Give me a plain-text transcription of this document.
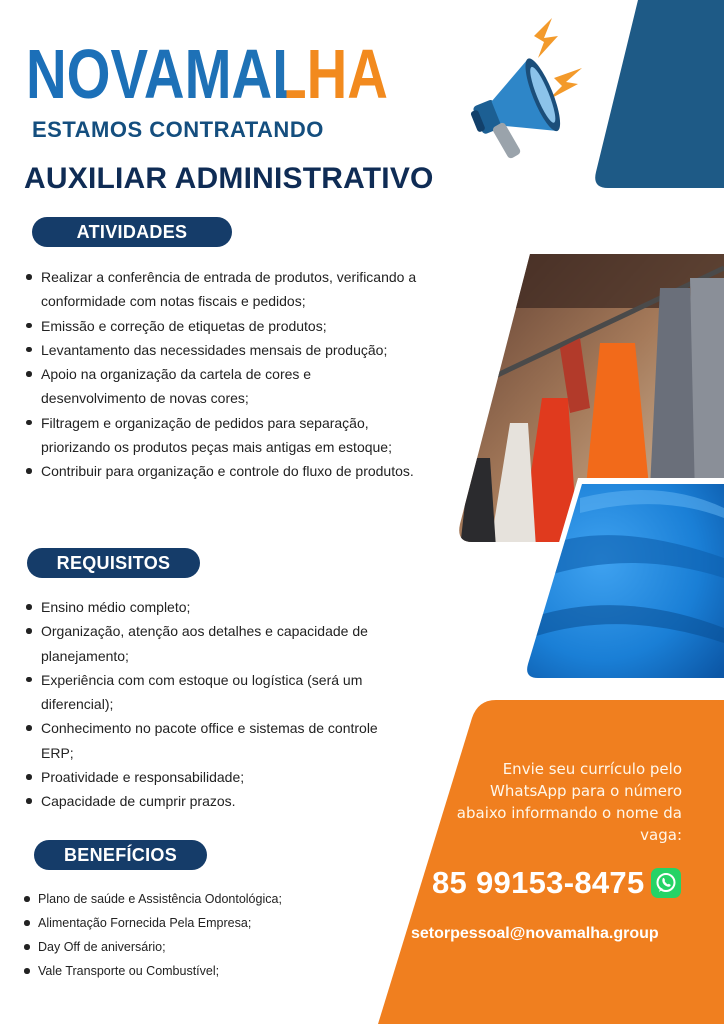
NOVAMALHA
ESTAMOS CONTRATANDO
AUXILIAR ADMINISTRATIVO
ATIVIDADES
Realizar a conferência de entrada de produtos, verificando a conformidade com notas fiscais e pedidos;
Emissão e correção de etiquetas de produtos;
Levantamento das necessidades mensais de produção;
Apoio na organização da cartela de cores e desenvolvimento de novas cores;
Filtragem e organização de pedidos para separação, priorizando os produtos peças mais antigas em estoque;
Contribuir para organização e controle do fluxo de produtos.
REQUISITOS
Ensino médio completo;
Organização, atenção aos detalhes e capacidade de planejamento;
Experiência com com estoque ou logística (será um diferencial);
Conhecimento no pacote office e sistemas de controle ERP;
Proatividade e responsabilidade;
Capacidade de cumprir prazos.
BENEFÍCIOS
Plano de saúde e Assistência Odontológica;
Alimentação Fornecida Pela Empresa;
Day Off de aniversário;
Vale Transporte ou Combustível;
Envie seu currículo pelo WhatsApp para o número abaixo informando o nome da vaga:
85 99153-8475
setorpessoal@novamalha.group
